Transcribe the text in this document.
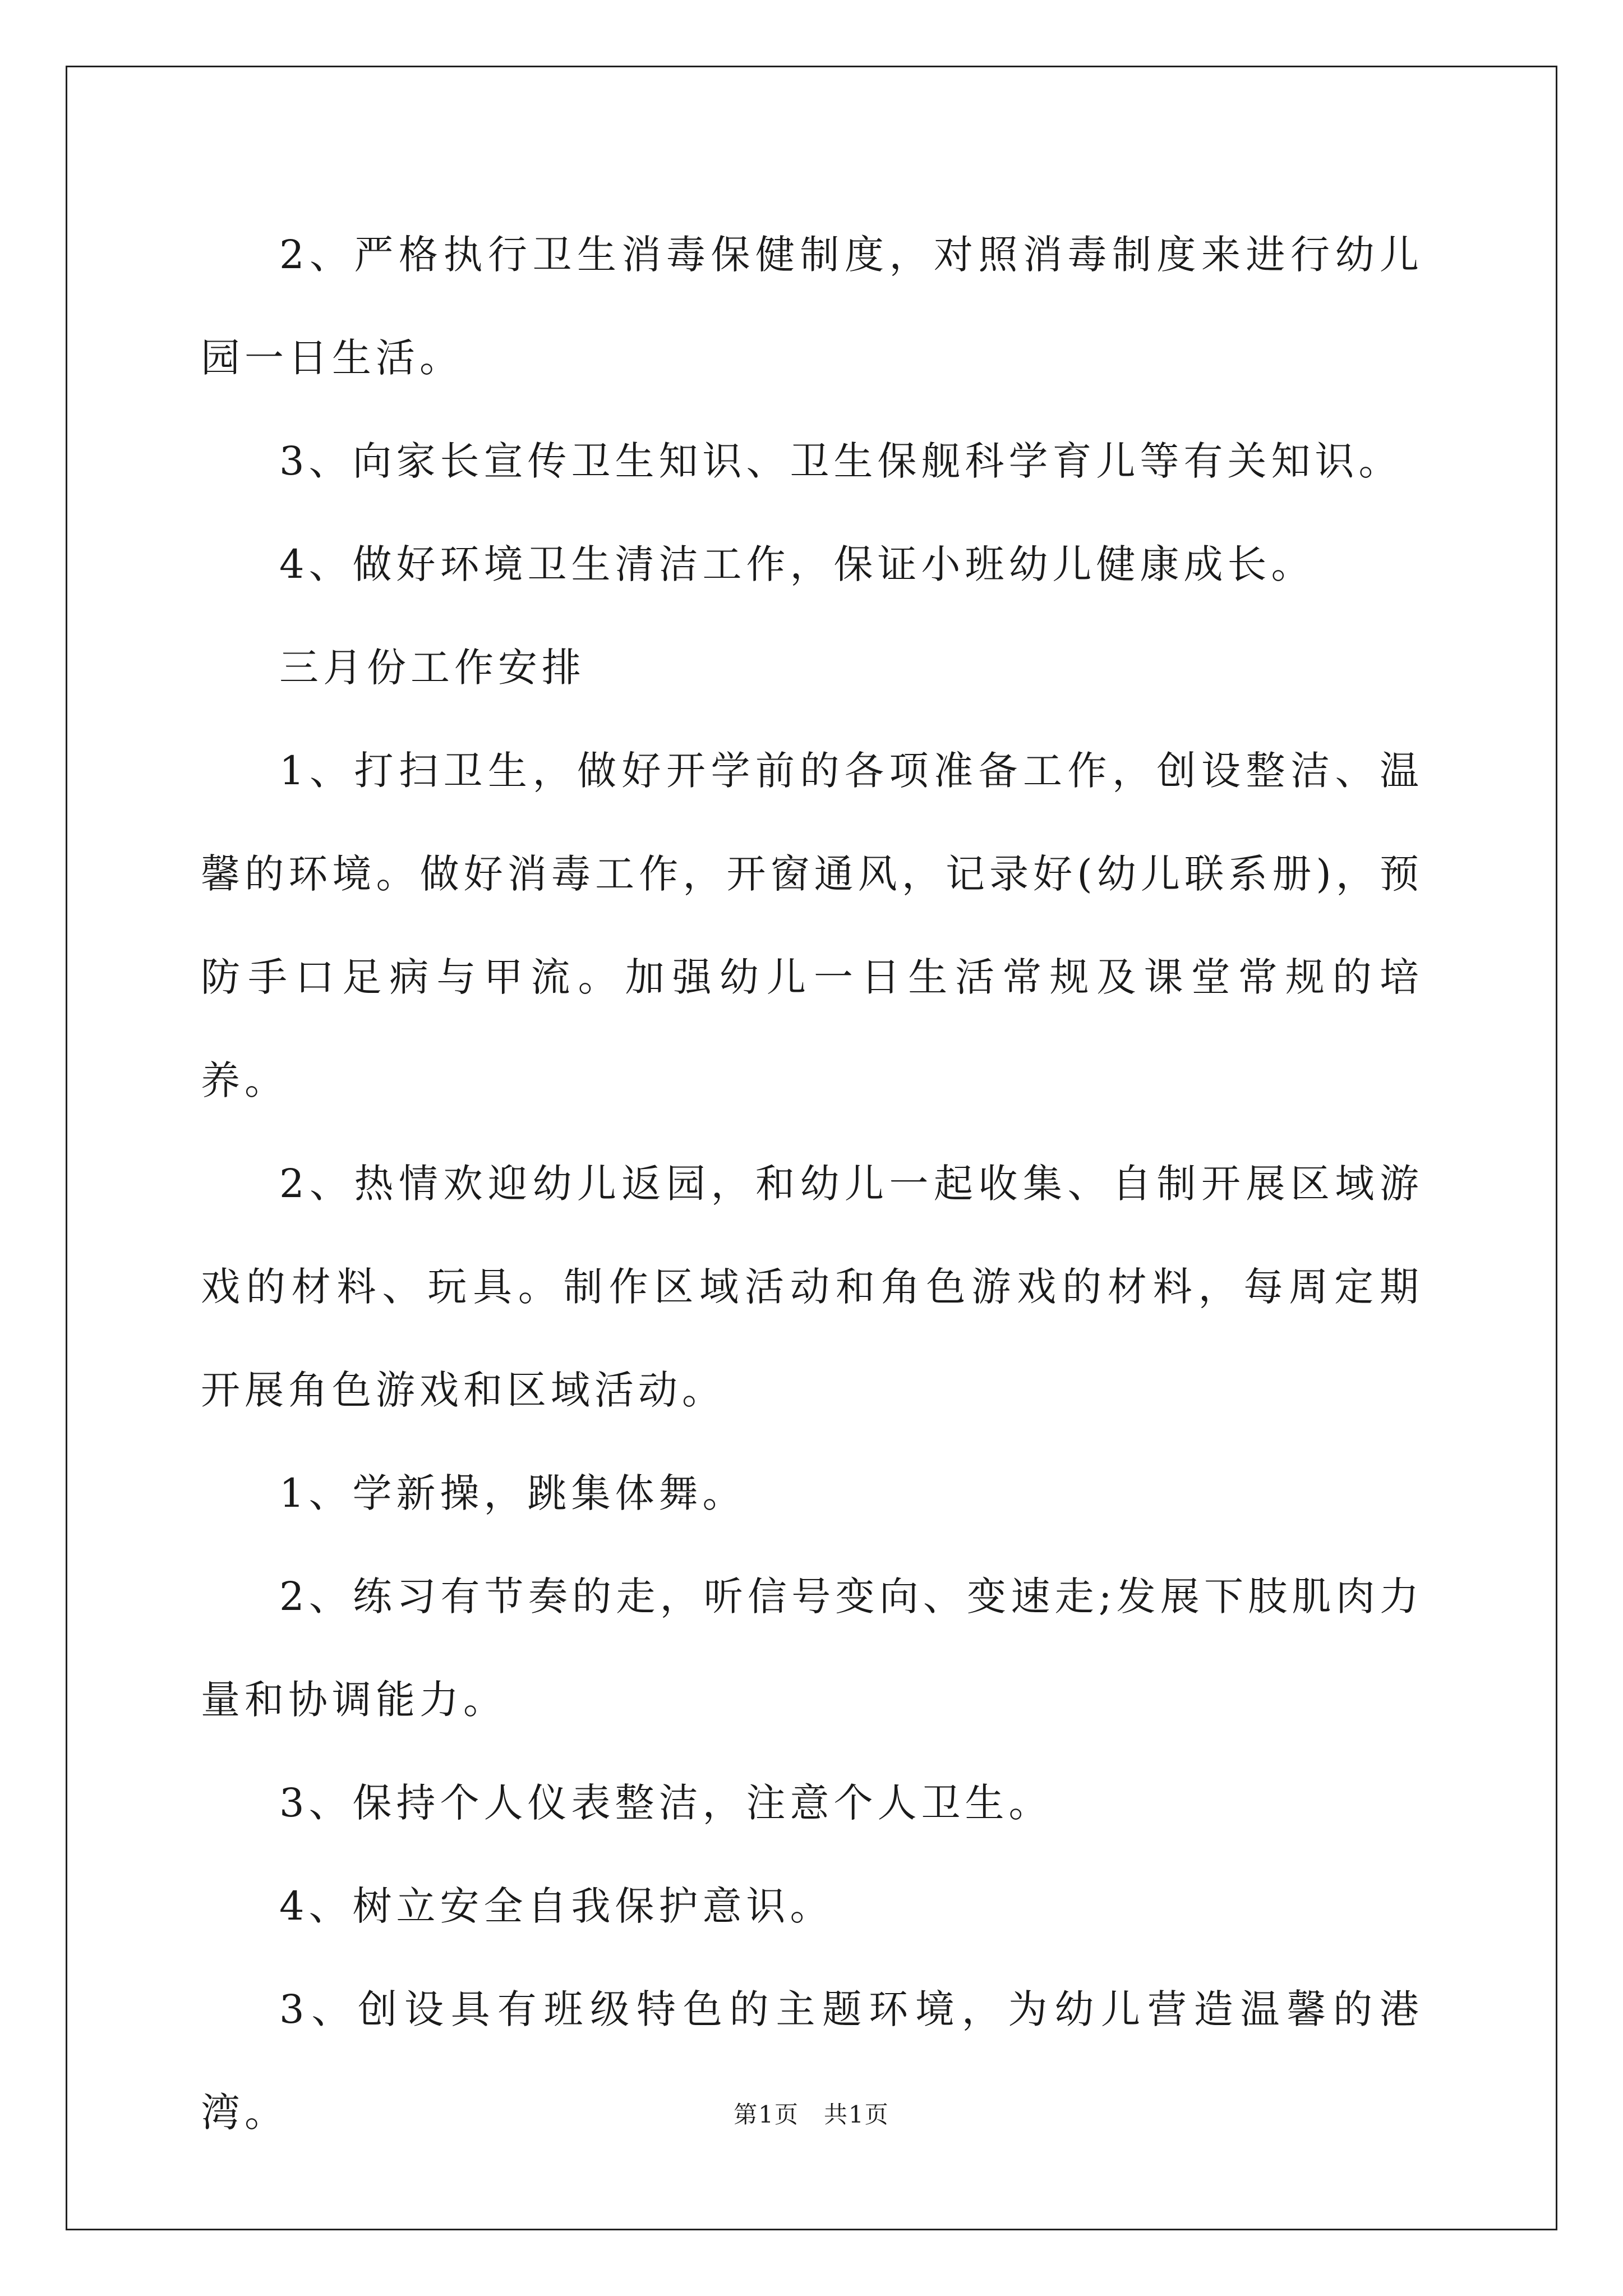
2、严格执行卫生消毒保健制度，对照消毒制度来进行幼儿园一日生活。

3、向家长宣传卫生知识、卫生保舰科学育儿等有关知识。

4、做好环境卫生清洁工作，保证小班幼儿健康成长。

三月份工作安排

1、打扫卫生，做好开学前的各项准备工作，创设整洁、温馨的环境。做好消毒工作，开窗通风，记录好(幼儿联系册)，预防手口足病与甲流。加强幼儿一日生活常规及课堂常规的培养。

2、热情欢迎幼儿返园，和幼儿一起收集、自制开展区域游戏的材料、玩具。制作区域活动和角色游戏的材料，每周定期开展角色游戏和区域活动。

1、学新操，跳集体舞。

2、练习有节奏的走，听信号变向、变速走;发展下肢肌肉力量和协调能力。

3、保持个人仪表整洁，注意个人卫生。

4、树立安全自我保护意识。

3、创设具有班级特色的主题环境，为幼儿营造温馨的港湾。	第1页　共1页
